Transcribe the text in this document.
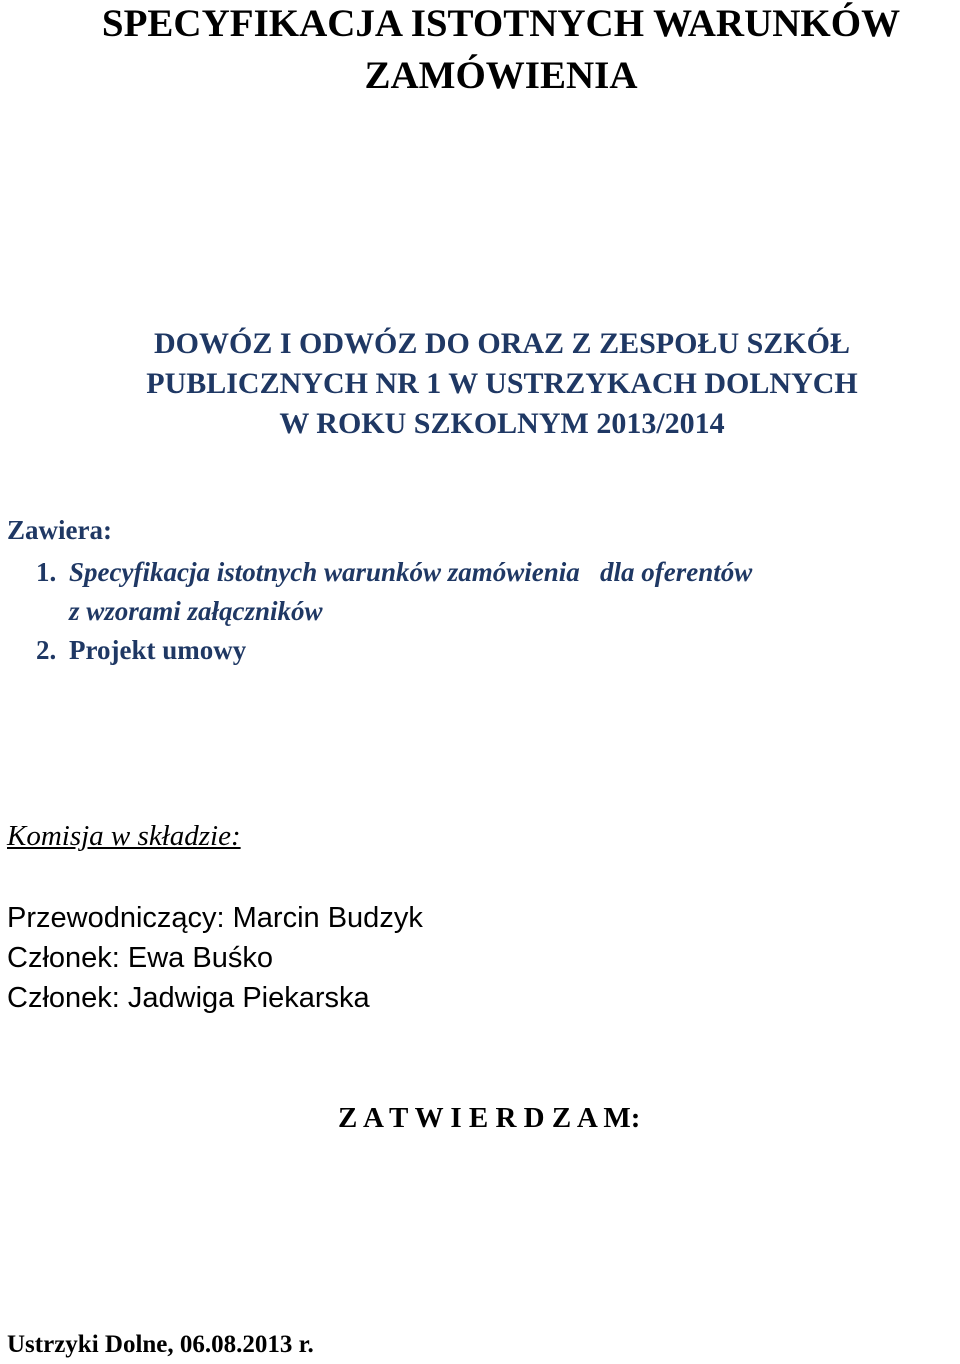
SPECYFIKACJA ISTOTNYCH WARUNKÓW
ZAMÓWIENIA
DOWÓZ I ODWÓZ DO ORAZ Z ZESPOŁU SZKÓŁ
PUBLICZNYCH NR 1 W USTRZYKACH DOLNYCH
W ROKU SZKOLNYM 2013/2014
Zawiera:
1. Specyfikacja istotnych warunków zamówienia   dla oferentów
z wzorami załączników
2. Projekt umowy
Komisja w składzie:
Przewodniczący: Marcin Budzyk
Członek: Ewa Buśko
Członek: Jadwiga Piekarska
Z A T W I E R D Z A M:
Ustrzyki Dolne, 06.08.2013 r.
